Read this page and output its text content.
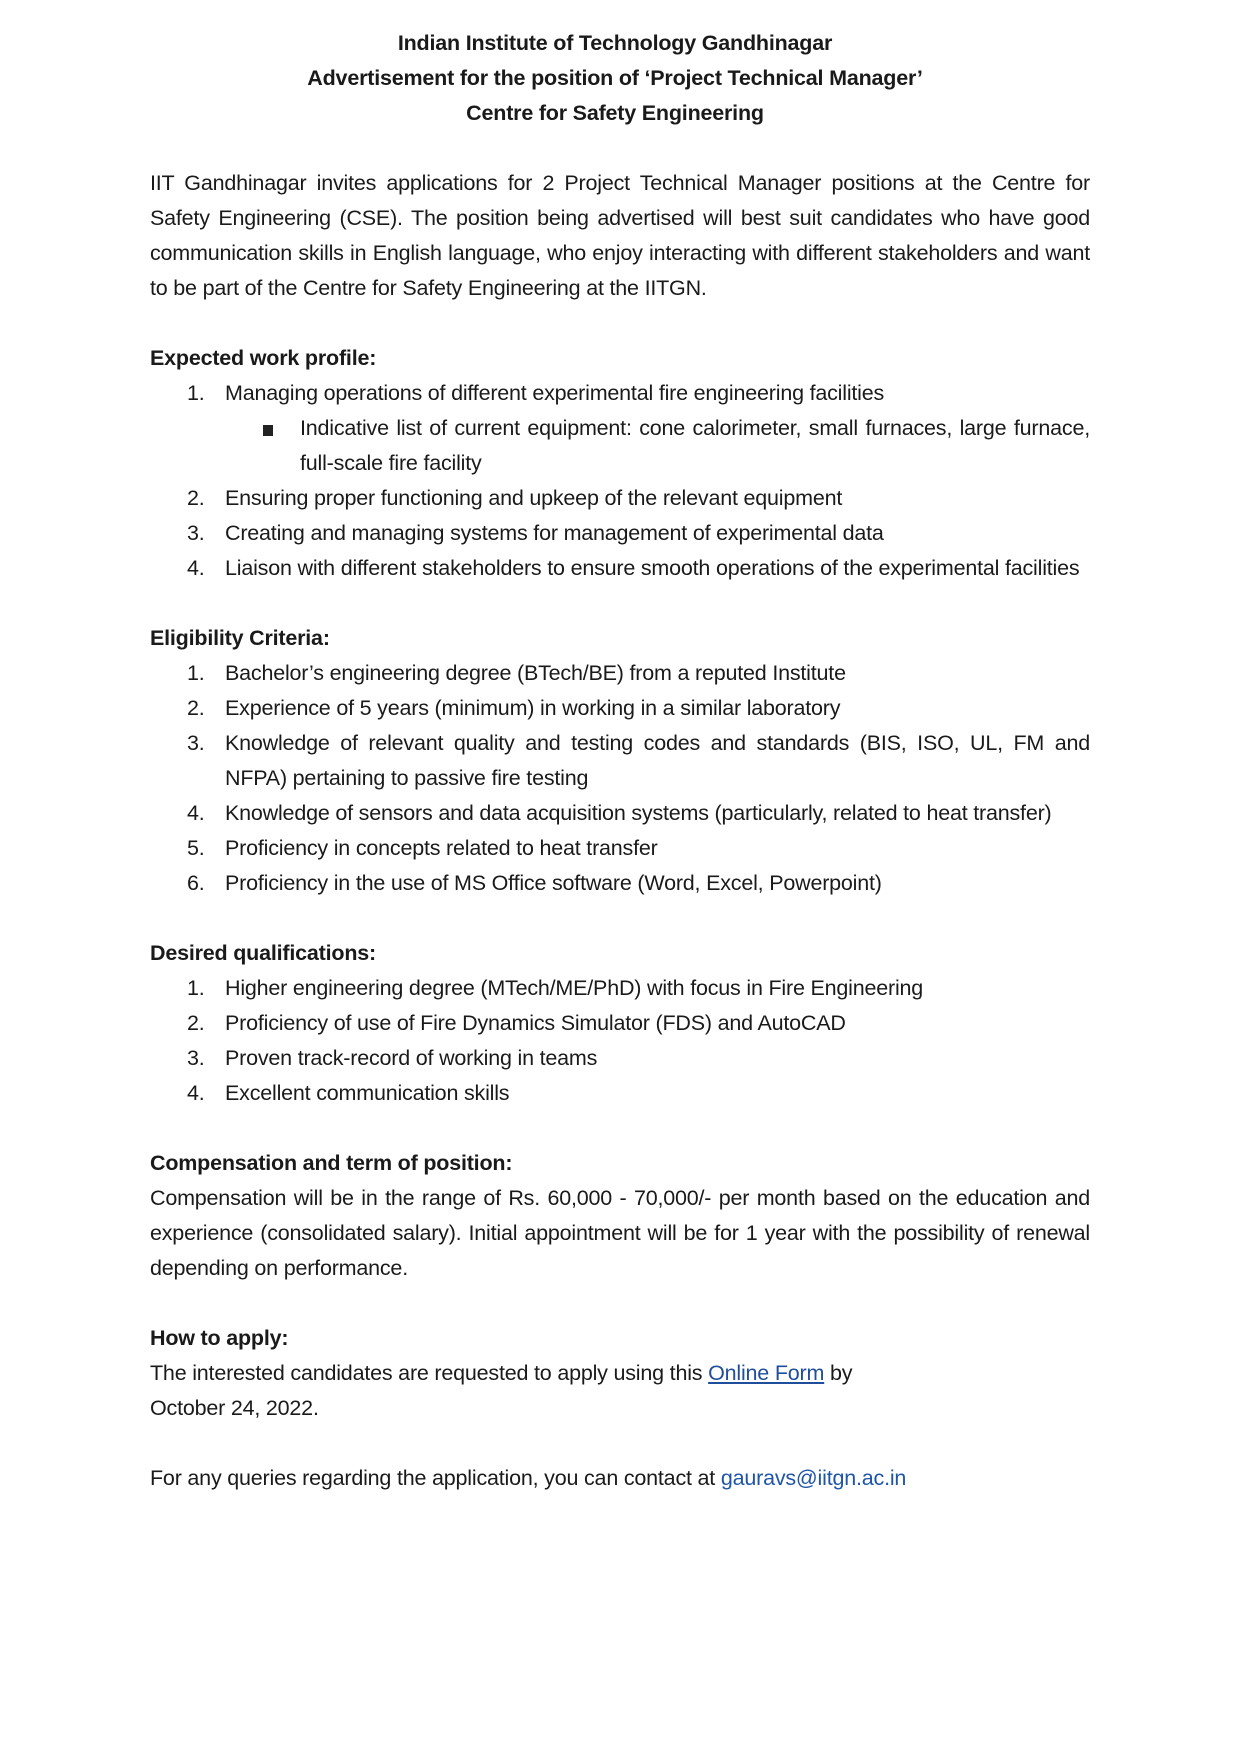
Indian Institute of Technology Gandhinagar
Advertisement for the position of ‘Project Technical Manager’
Centre for Safety Engineering

IIT Gandhinagar invites applications for 2 Project Technical Manager positions at the Centre for Safety Engineering (CSE). The position being advertised will best suit candidates who have good communication skills in English language, who enjoy interacting with different stakeholders and want to be part of the Centre for Safety Engineering at the IITGN.

Expected work profile:
1. Managing operations of different experimental fire engineering facilities
Indicative list of current equipment: cone calorimeter, small furnaces, large furnace, full-scale fire facility
2. Ensuring proper functioning and upkeep of the relevant equipment
3. Creating and managing systems for management of experimental data
4. Liaison with different stakeholders to ensure smooth operations of the experimental facilities
Eligibility Criteria:
1. Bachelor’s engineering degree (BTech/BE) from a reputed Institute
2. Experience of 5 years (minimum) in working in a similar laboratory
3. Knowledge of relevant quality and testing codes and standards (BIS, ISO, UL, FM and NFPA) pertaining to passive fire testing
4. Knowledge of sensors and data acquisition systems (particularly, related to heat transfer)
5. Proficiency in concepts related to heat transfer
6. Proficiency in the use of MS Office software (Word, Excel, Powerpoint)
Desired qualifications:
1. Higher engineering degree (MTech/ME/PhD) with focus in Fire Engineering
2. Proficiency of use of Fire Dynamics Simulator (FDS) and AutoCAD
3. Proven track-record of working in teams
4. Excellent communication skills
Compensation and term of position:

Compensation will be in the range of Rs. 60,000 - 70,000/- per month based on the education and experience (consolidated salary). Initial appointment will be for 1 year with the possibility of renewal depending on performance.

How to apply:
The interested candidates are requested to apply using this Online Form by
October 24, 2022.
For any queries regarding the application, you can contact at gauravs@iitgn.ac.in
